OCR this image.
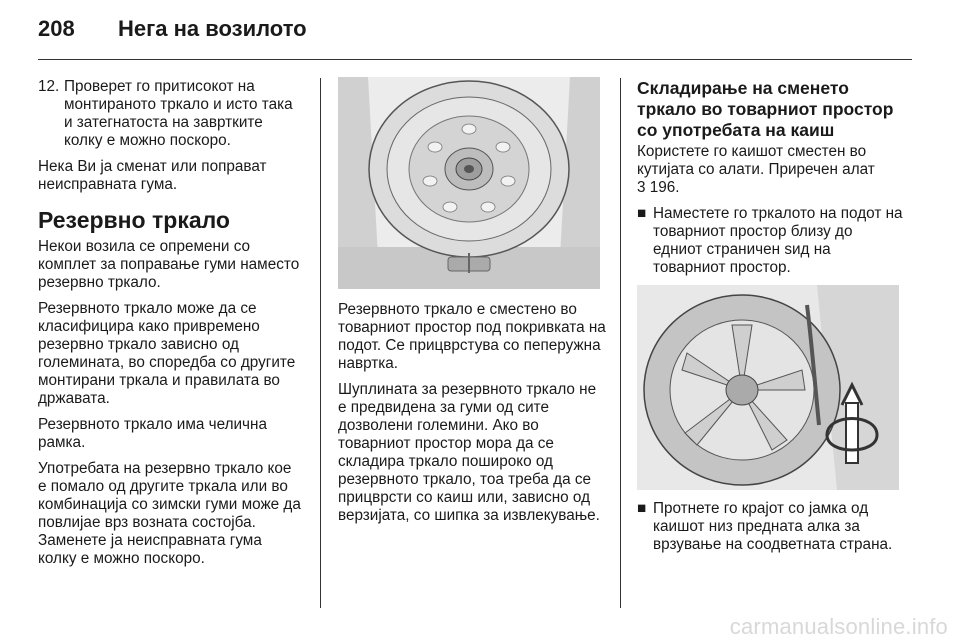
208	Нега на возилото
12. Проверет го притисокот на монтираното тркало и исто така и затегнатоста на завртките колку е можно поскоро.

Нека Ви ја сменат или поправат неисправната гума.

Резервно тркало

Некои возила се опремени со комплет за поправање гуми наместо резервно тркало.

Резервното тркало може да се класифицира како привремено резервно тркало зависно од големината, во споредба со другите монтирани тркала и правилата во државата.

Резервното тркало има челична рамка.

Употребата на резервно тркало кое е помало од другите тркала или во комбинација со зимски гуми може да повлијае врз возната состојба. Заменете ја неисправната гума колку е можно поскоро.

Резервното тркало е сместено во товарниот простор под покривката на подот. Се прицврстува со пеперужна навртка.

Шуплината за резервното тркало не е предвидена за гуми од сите дозволени големини. Ако во товарниот простор мора да се складира тркало пошироко од резервното тркало, тоа треба да се прицврсти со каиш или, зависно од верзијата, со шипка за извлекување.

Складирање на сменето тркало во товарниот простор со употребата на каиш

Користете го каишот сместен во кутијата со алати. Приречен алат

3 196.

■ Наместете го тркалото на подот на товарниот простор близу до едниот страничен ѕид на товарниот простор.
■ Протнете го крајот со јамка од каишот низ предната алка за врзување на соодветната страна.
carmanualsonline.info
